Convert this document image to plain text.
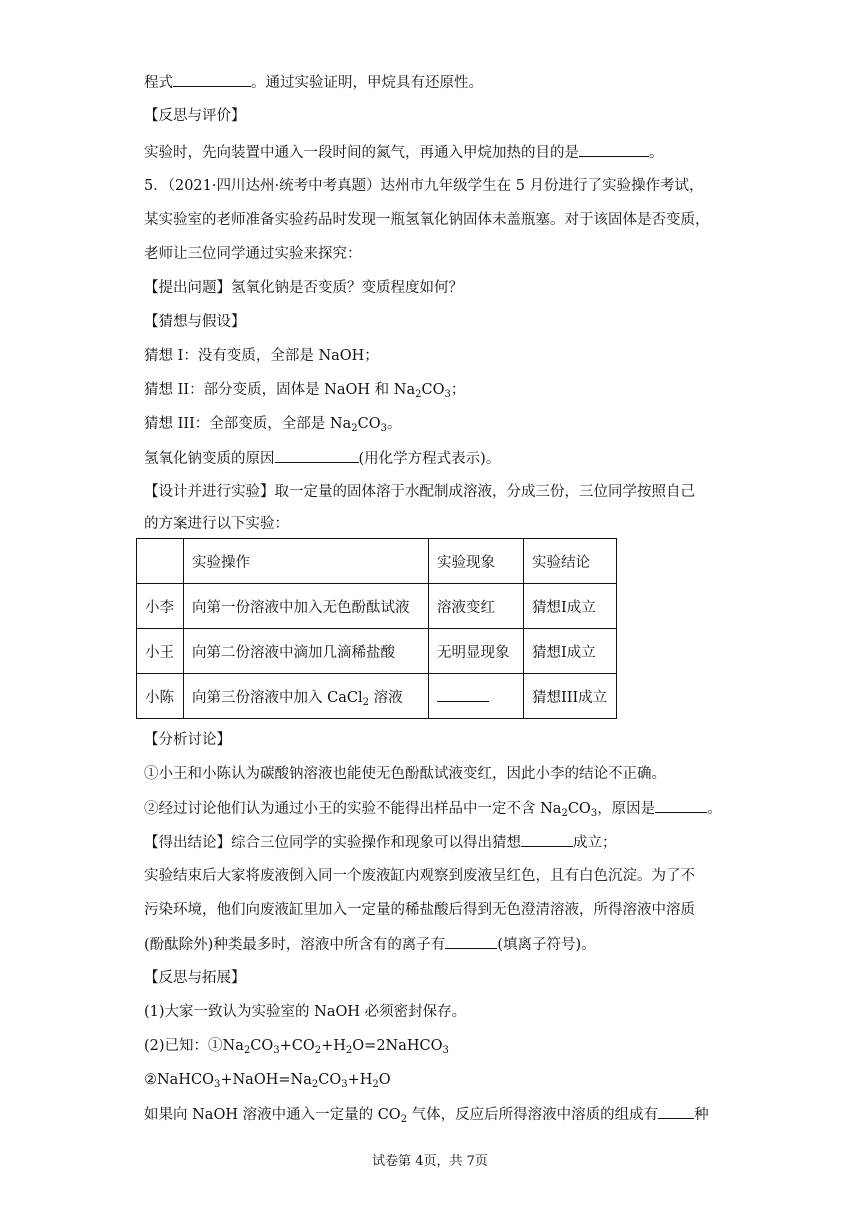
程式	。通过实验证明，甲烷具有还原性。
【反思与评价】
实验时，先向装置中通入一段时间的氮气，再通入甲烷加热的目的是	。
5．（2021·四川达州·统考中考真题）达州市九年级学生在 5 月份进行了实验操作考试，
某实验室的老师准备实验药品时发现一瓶氢氧化钠固体未盖瓶塞。对于该固体是否变质，
老师让三位同学通过实验来探究：
【提出问题】氢氧化钠是否变质？变质程度如何？
【猜想与假设】
猜想 I：没有变质，全部是 NaOH；
猜想 II：部分变质，固体是 NaOH 和 $Na_2CO_3$；
猜想 III：全部变质，全部是 $Na_2CO_3$。
氢氧化钠变质的原因	(用化学方程式表示)。
【设计并进行实验】取一定量的固体溶于水配制成溶液，分成三份，三位同学按照自己
的方案进行以下实验：
	实验操作	实验现象	实验结论
小李	向第一份溶液中加入无色酚酞试液	溶液变红	猜想I成立
小王	向第二份溶液中滴加几滴稀盐酸	无明显现象	猜想I成立
小陈	向第三份溶液中加入 CaCl$_2$ 溶液		猜想III成立
【分析讨论】
①小王和小陈认为碳酸钠溶液也能使无色酚酞试液变红，因此小李的结论不正确。
②经过讨论他们认为通过小王的实验不能得出样品中一定不含 $Na_2CO_3$，原因是	。
【得出结论】综合三位同学的实验操作和现象可以得出猜想	成立；
实验结束后大家将废液倒入同一个废液缸内观察到废液呈红色，且有白色沉淀。为了不
污染环境，他们向废液缸里加入一定量的稀盐酸后得到无色澄清溶液，所得溶液中溶质
(酚酞除外)种类最多时，溶液中所含有的离子有	(填离子符号)。
【反思与拓展】
(1)大家一致认为实验室的 NaOH 必须密封保存。
(2)已知：$①Na_2CO_3+CO_2+H_2O=2NaHCO_3$
$②NaHCO_3+NaOH=Na_2CO_3+H_2O$
如果向 NaOH 溶液中通入一定量的 $CO_2$ 气体，反应后所得溶液中溶质的组成有 种
试卷第 4页，共 7页
